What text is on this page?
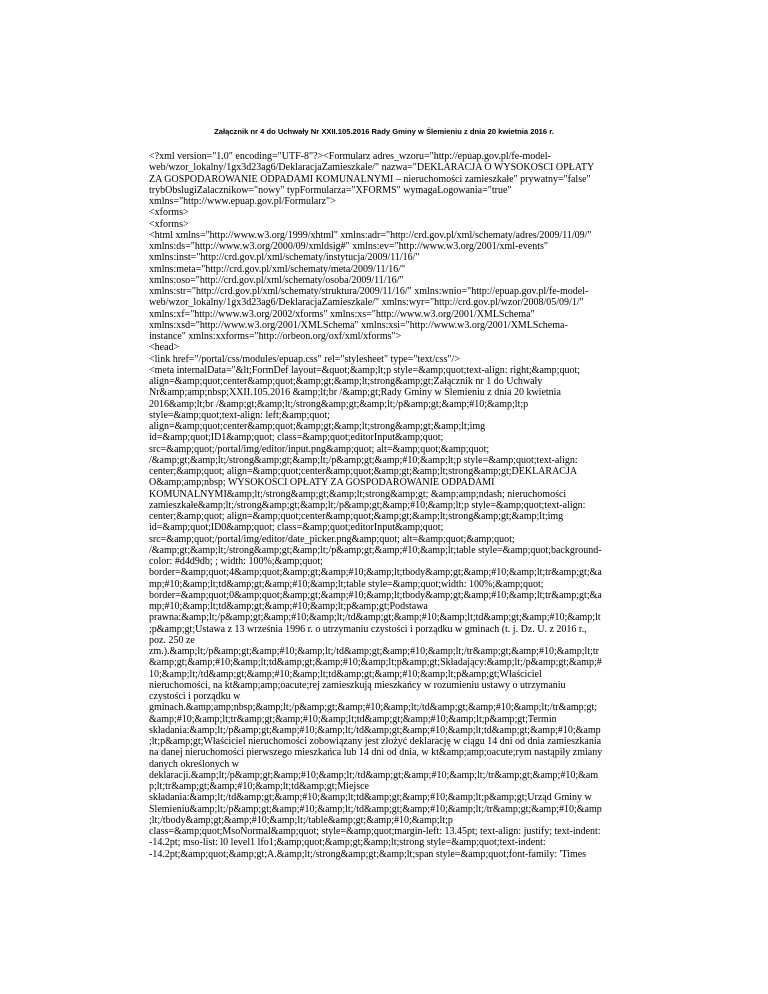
Załącznik nr 4 do Uchwały Nr XXII.105.2016 Rady Gminy w Ślemieniu z dnia 20 kwietnia 2016 r.
<?xml version="1.0" encoding="UTF-8"?><Formularz adres_wzoru="http://epuap.gov.pl/fe-model-
web/wzor_lokalny/1gx3d23ag6/DeklaracjaZamieszkale/" nazwa="DEKLARACJA O WYSOKOŚCI OPŁATY
ZA GOSPODAROWANIE ODPADAMI KOMUNALNYMI – nieruchomości zamieszkałe" prywatny="false"
trybObslugiZalacznikow="nowy" typFormularza="XFORMS" wymagaLogowania="true"
xmlns="http://www.epuap.gov.pl/Formularz">
<xforms>
<xforms>
<html xmlns="http://www.w3.org/1999/xhtml" xmlns:adr="http://crd.gov.pl/xml/schematy/adres/2009/11/09/"
xmlns:ds="http://www.w3.org/2000/09/xmldsig#" xmlns:ev="http://www.w3.org/2001/xml-events"
xmlns:inst="http://crd.gov.pl/xml/schematy/instytucja/2009/11/16/"
xmlns:meta="http://crd.gov.pl/xml/schematy/meta/2009/11/16/"
xmlns:oso="http://crd.gov.pl/xml/schematy/osoba/2009/11/16/"
xmlns:str="http://crd.gov.pl/xml/schematy/struktura/2009/11/16/" xmlns:wnio="http://epuap.gov.pl/fe-model-
web/wzor_lokalny/1gx3d23ag6/DeklaracjaZamieszkale/" xmlns:wyr="http://crd.gov.pl/wzor/2008/05/09/1/"
xmlns:xf="http://www.w3.org/2002/xforms" xmlns:xs="http://www.w3.org/2001/XMLSchema"
xmlns:xsd="http://www.w3.org/2001/XMLSchema" xmlns:xsi="http://www.w3.org/2001/XMLSchema-
instance" xmlns:xxforms="http://orbeon.org/oxf/xml/xforms">
<head>
<link href="/portal/css/modules/epuap.css" rel="stylesheet" type="text/css"/>
<meta internalData="&lt;FormDef layout=&quot;&amp;lt;p style=&amp;quot;text-align: right;&amp;quot;
align=&amp;quot;center&amp;quot;&amp;gt;&amp;lt;strong&amp;gt;Załącznik nr 1 do Uchwały
Nr&amp;amp;nbsp;XXII.105.2016 &amp;lt;br /&amp;gt;Rady Gminy w Ślemieniu z dnia 20 kwietnia
2016&amp;lt;br /&amp;gt;&amp;lt;/strong&amp;gt;&amp;lt;/p&amp;gt;&amp;#10;&amp;lt;p
style=&amp;quot;text-align: left;&amp;quot;
align=&amp;quot;center&amp;quot;&amp;gt;&amp;lt;strong&amp;gt;&amp;lt;img
id=&amp;quot;ID1&amp;quot; class=&amp;quot;editorInput&amp;quot;
src=&amp;quot;/portal/img/editor/input.png&amp;quot; alt=&amp;quot;&amp;quot;
/&amp;gt;&amp;lt;/strong&amp;gt;&amp;lt;/p&amp;gt;&amp;#10;&amp;lt;p style=&amp;quot;text-align:
center;&amp;quot; align=&amp;quot;center&amp;quot;&amp;gt;&amp;lt;strong&amp;gt;DEKLARACJA
O&amp;amp;nbsp; WYSOKOŚCI OPŁATY ZA GOSPODAROWANIE ODPADAMI
KOMUNALNYMI&amp;lt;/strong&amp;gt;&amp;lt;strong&amp;gt; &amp;amp;ndash; nieruchomości
zamieszkałe&amp;lt;/strong&amp;gt;&amp;lt;/p&amp;gt;&amp;#10;&amp;lt;p style=&amp;quot;text-align:
center;&amp;quot; align=&amp;quot;center&amp;quot;&amp;gt;&amp;lt;strong&amp;gt;&amp;lt;img
id=&amp;quot;ID0&amp;quot; class=&amp;quot;editorInput&amp;quot;
src=&amp;quot;/portal/img/editor/date_picker.png&amp;quot; alt=&amp;quot;&amp;quot;
/&amp;gt;&amp;lt;/strong&amp;gt;&amp;lt;/p&amp;gt;&amp;#10;&amp;lt;table style=&amp;quot;background-
color: #d4d9db; ; width: 100%;&amp;quot;
border=&amp;quot;4&amp;quot;&amp;gt;&amp;#10;&amp;lt;tbody&amp;gt;&amp;#10;&amp;lt;tr&amp;gt;&a
mp;#10;&amp;lt;td&amp;gt;&amp;#10;&amp;lt;table style=&amp;quot;width: 100%;&amp;quot;
border=&amp;quot;0&amp;quot;&amp;gt;&amp;#10;&amp;lt;tbody&amp;gt;&amp;#10;&amp;lt;tr&amp;gt;&a
mp;#10;&amp;lt;td&amp;gt;&amp;#10;&amp;lt;p&amp;gt;Podstawa
prawna:&amp;lt;/p&amp;gt;&amp;#10;&amp;lt;/td&amp;gt;&amp;#10;&amp;lt;td&amp;gt;&amp;#10;&amp;lt
;p&amp;gt;Ustawa z 13 września 1996 r. o utrzymaniu czystości i porządku w gminach (t. j. Dz. U. z 2016 r.,
poz. 250 ze
zm.).&amp;lt;/p&amp;gt;&amp;#10;&amp;lt;/td&amp;gt;&amp;#10;&amp;lt;/tr&amp;gt;&amp;#10;&amp;lt;tr
&amp;gt;&amp;#10;&amp;lt;td&amp;gt;&amp;#10;&amp;lt;p&amp;gt;Składający:&amp;lt;/p&amp;gt;&amp;#
10;&amp;lt;/td&amp;gt;&amp;#10;&amp;lt;td&amp;gt;&amp;#10;&amp;lt;p&amp;gt;Właściciel
nieruchomości, na kt&amp;amp;oacute;rej zamieszkują mieszkańcy w rozumieniu ustawy o utrzymaniu
czystości i porządku w
gminach.&amp;amp;nbsp;&amp;lt;/p&amp;gt;&amp;#10;&amp;lt;/td&amp;gt;&amp;#10;&amp;lt;/tr&amp;gt;
&amp;#10;&amp;lt;tr&amp;gt;&amp;#10;&amp;lt;td&amp;gt;&amp;#10;&amp;lt;p&amp;gt;Termin
składania:&amp;lt;/p&amp;gt;&amp;#10;&amp;lt;/td&amp;gt;&amp;#10;&amp;lt;td&amp;gt;&amp;#10;&amp
;lt;p&amp;gt;Właściciel nieruchomości zobowiązany jest złożyć deklarację w ciągu 14 dni od dnia zamieszkania
na danej nieruchomości pierwszego mieszkańca lub 14 dni od dnia, w kt&amp;amp;oacute;rym nastąpiły zmiany
danych określonych w
deklaracji.&amp;lt;/p&amp;gt;&amp;#10;&amp;lt;/td&amp;gt;&amp;#10;&amp;lt;/tr&amp;gt;&amp;#10;&am
p;lt;tr&amp;gt;&amp;#10;&amp;lt;td&amp;gt;Miejsce
składania:&amp;lt;/td&amp;gt;&amp;#10;&amp;lt;td&amp;gt;&amp;#10;&amp;lt;p&amp;gt;Urząd Gminy w
Ślemieniu&amp;lt;/p&amp;gt;&amp;#10;&amp;lt;/td&amp;gt;&amp;#10;&amp;lt;/tr&amp;gt;&amp;#10;&amp
;lt;/tbody&amp;gt;&amp;#10;&amp;lt;/table&amp;gt;&amp;#10;&amp;lt;p
class=&amp;quot;MsoNormal&amp;quot; style=&amp;quot;margin-left: 13.45pt; text-align: justify; text-indent:
-14.2pt; mso-list: l0 level1 lfo1;&amp;quot;&amp;gt;&amp;lt;strong style=&amp;quot;text-indent:
-14.2pt;&amp;quot;&amp;gt;A.&amp;lt;/strong&amp;gt;&amp;lt;span style=&amp;quot;font-family: 'Times
